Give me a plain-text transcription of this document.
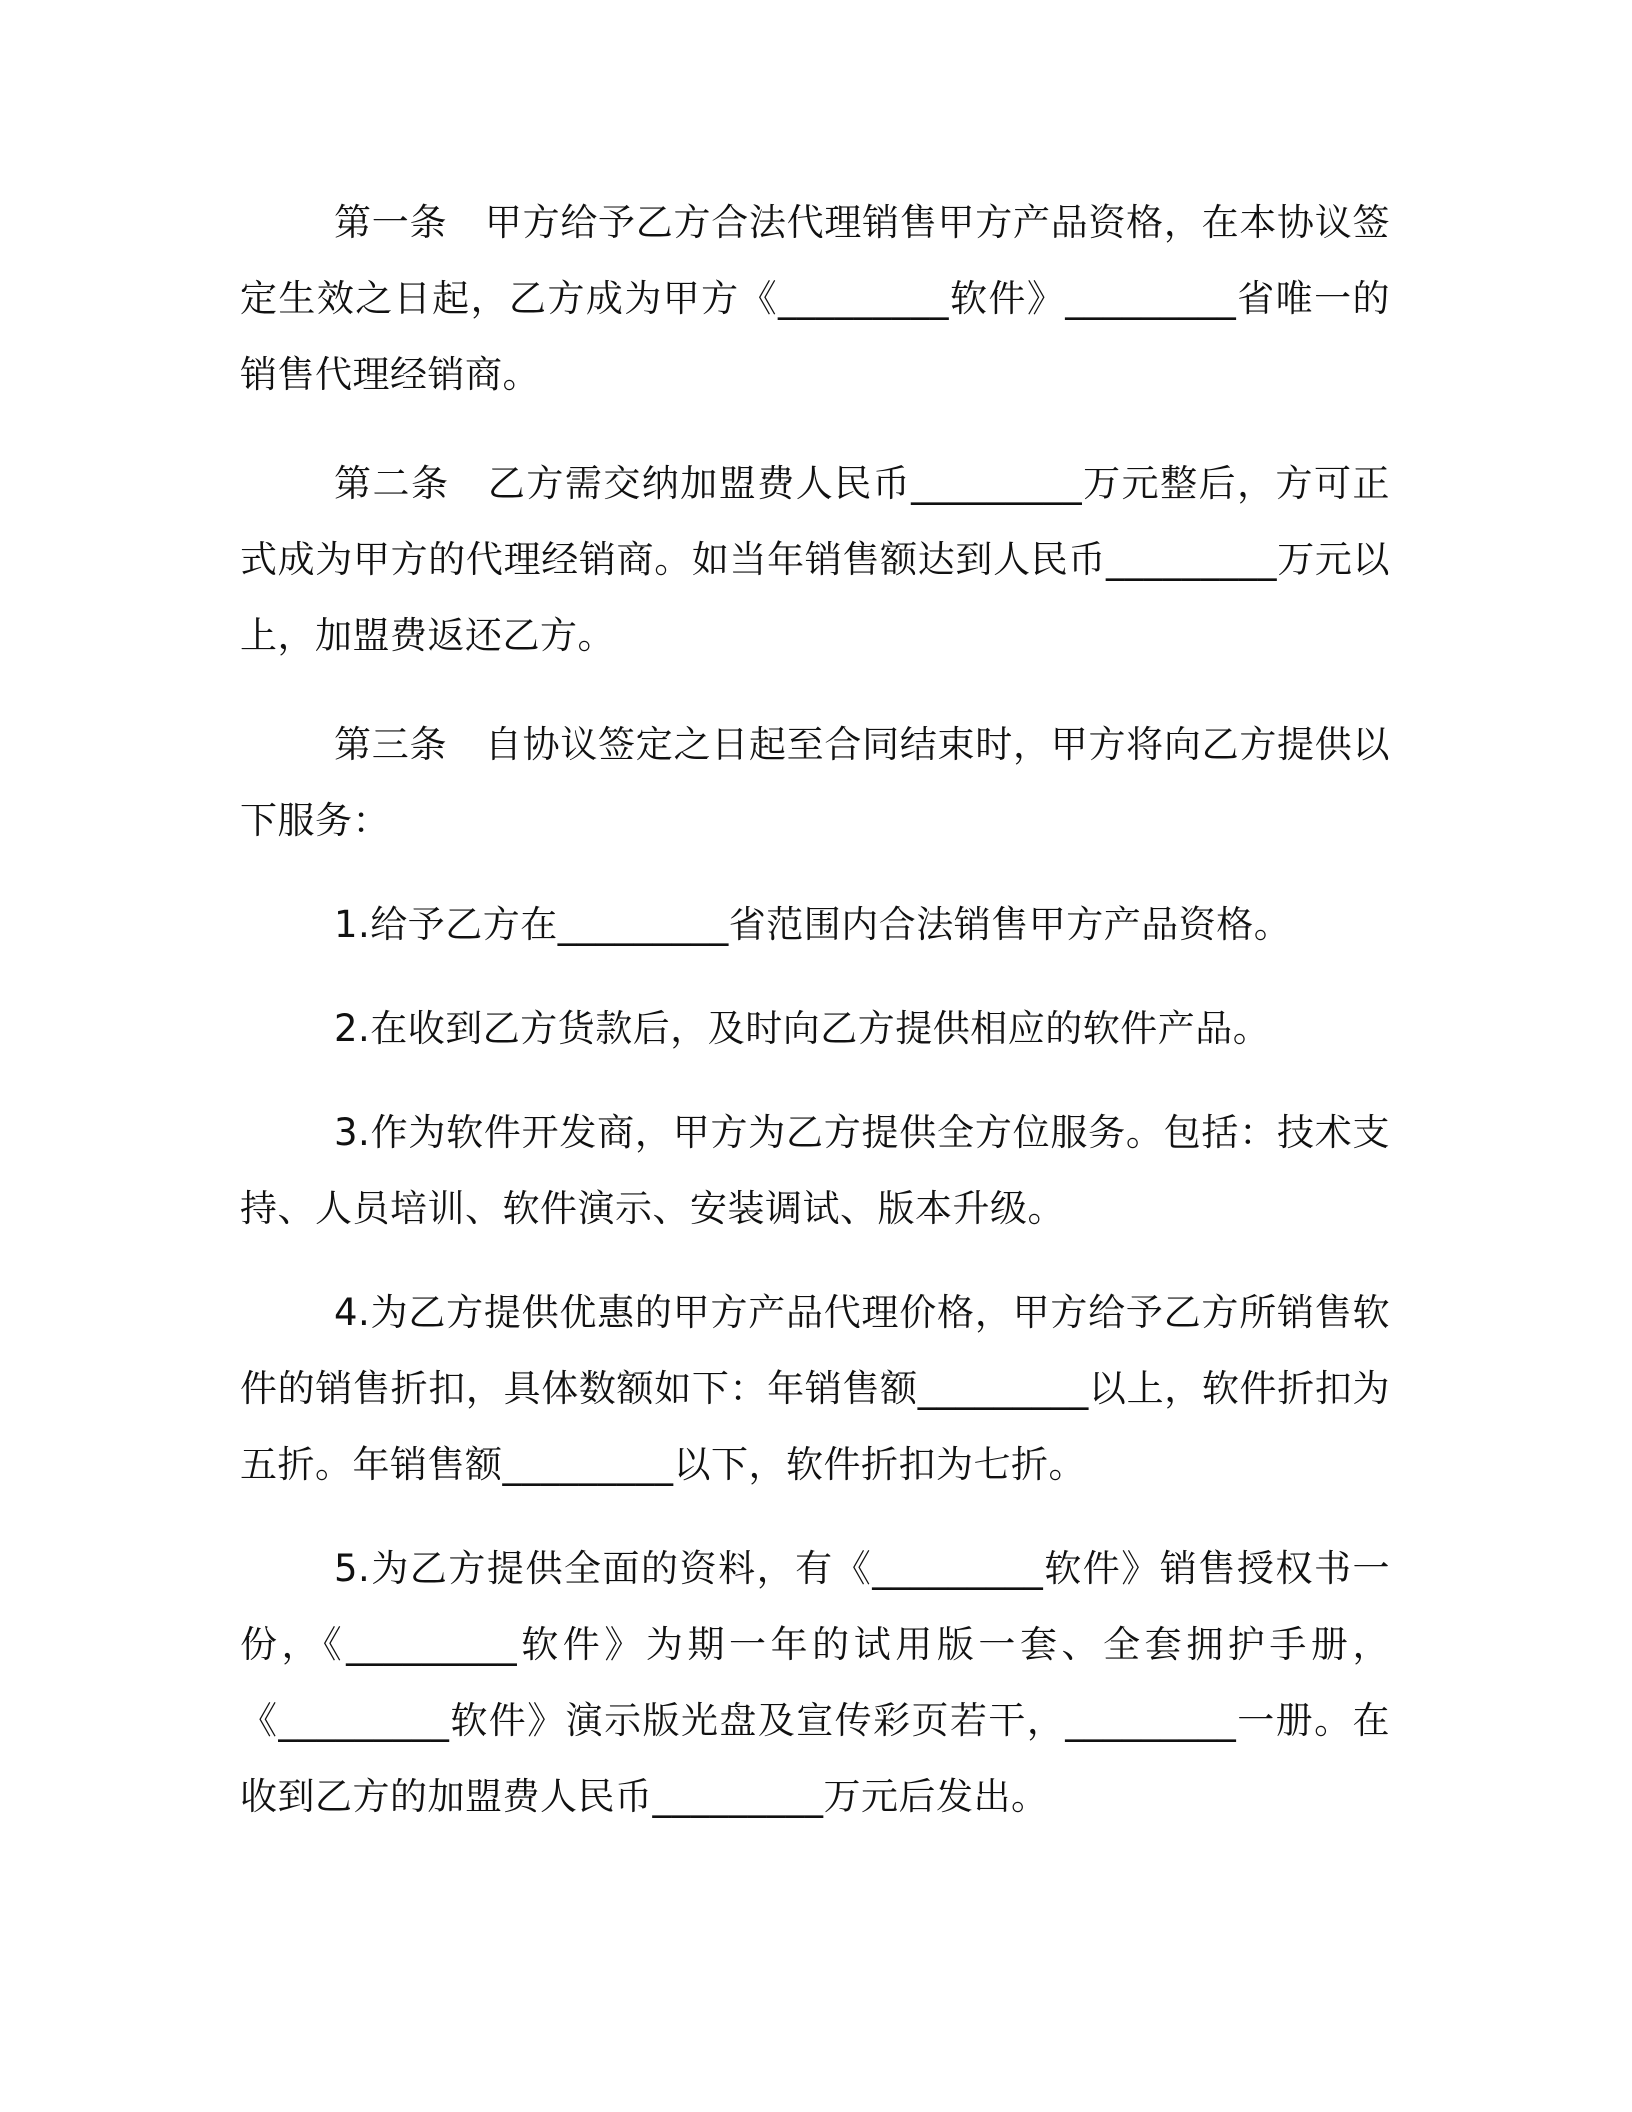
第一条　甲方给予乙方合法代理销售甲方产品资格，在本协议签定生效之日起，乙方成为甲方《_________软件》_________省唯一的销售代理经销商。

第二条　乙方需交纳加盟费人民币_________万元整后，方可正式成为甲方的代理经销商。如当年销售额达到人民币_________万元以上，加盟费返还乙方。

第三条　自协议签定之日起至合同结束时，甲方将向乙方提供以下服务：

1.给予乙方在_________省范围内合法销售甲方产品资格。

2.在收到乙方货款后，及时向乙方提供相应的软件产品。

3.作为软件开发商，甲方为乙方提供全方位服务。包括：技术支持、人员培训、软件演示、安装调试、版本升级。

4.为乙方提供优惠的甲方产品代理价格，甲方给予乙方所销售软件的销售折扣，具体数额如下：年销售额_________以上，软件折扣为五折。年销售额_________以下，软件折扣为七折。

5.为乙方提供全面的资料，有《_________软件》销售授权书一份，《_________软件》为期一年的试用版一套、全套拥护手册，《_________软件》演示版光盘及宣传彩页若干，_________一册。在收到乙方的加盟费人民币_________万元后发出。
